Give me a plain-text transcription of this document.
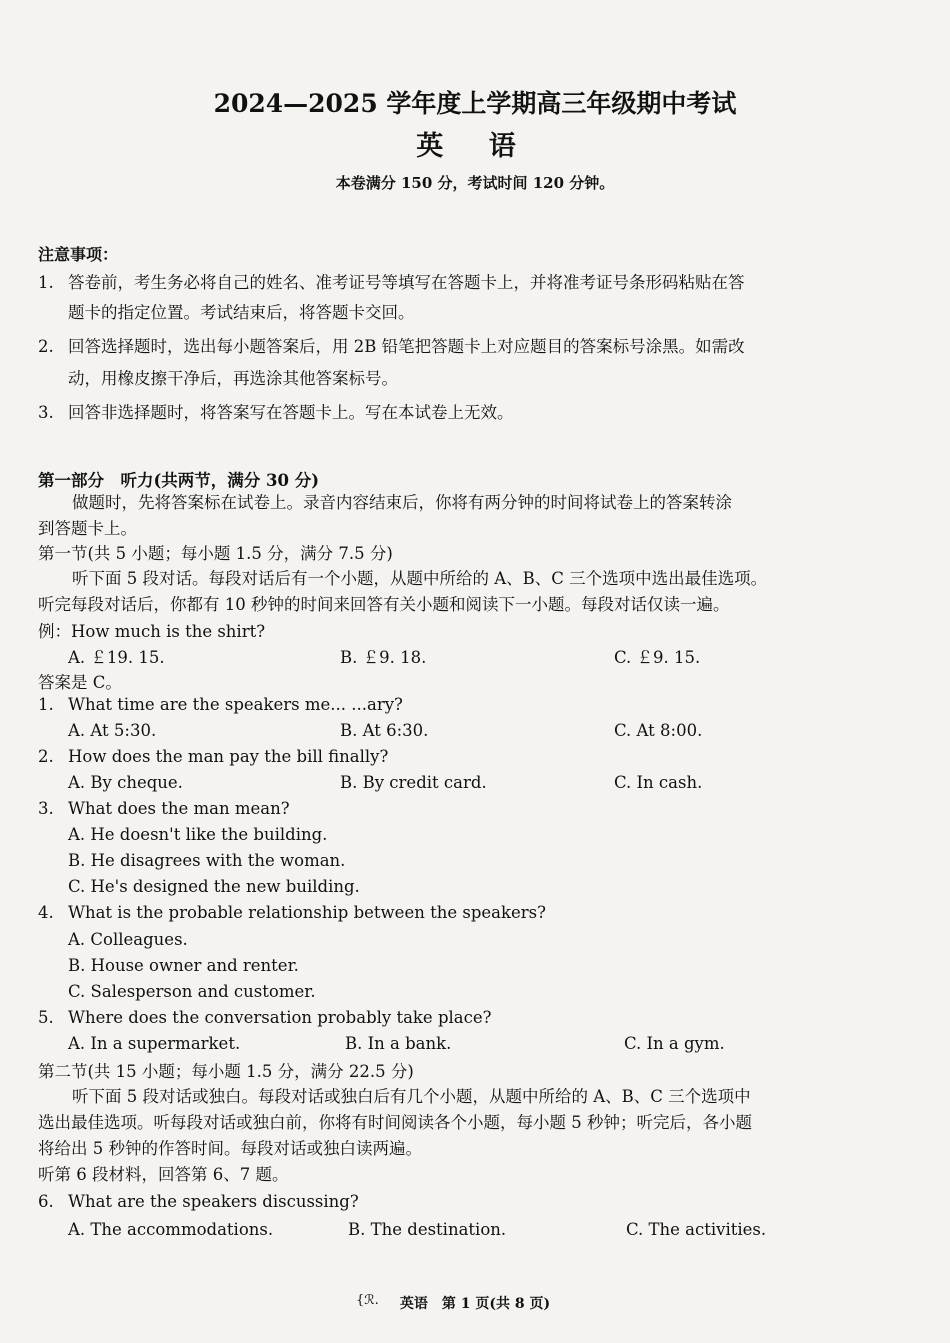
2024—2025 学年度上学期高三年级期中考试
英 语
本卷满分 150 分，考试时间 120 分钟。
注意事项：
1. 答卷前，考生务必将自己的姓名、准考证号等填写在答题卡上，并将准考证号条形码粘贴在答
题卡的指定位置。考试结束后，将答题卡交回。
2. 回答选择题时，选出每小题答案后，用 2B 铅笔把答题卡上对应题目的答案标号涂黑。如需改
动，用橡皮擦干净后，再选涂其他答案标号。
3. 回答非选择题时，将答案写在答题卡上。写在本试卷上无效。
第一部分　听力(共两节，满分 30 分)
做题时，先将答案标在试卷上。录音内容结束后，你将有两分钟的时间将试卷上的答案转涂
到答题卡上。
第一节(共 5 小题；每小题 1.5 分，满分 7.5 分)
听下面 5 段对话。每段对话后有一个小题，从题中所给的 A、B、C 三个选项中选出最佳选项。
听完每段对话后，你都有 10 秒钟的时间来回答有关小题和阅读下一小题。每段对话仅读一遍。
例：How much is the shirt?
A. ￡19. 15.	B. ￡9. 18.	C. ￡9. 15.
答案是 C。
1. What time are the speakers me... ...ary?
A. At 5:30.	B. At 6:30.	C. At 8:00.
2. How does the man pay the bill finally?
A. By cheque.	B. By credit card.	C. In cash.
3. What does the man mean?
A. He doesn't like the building.
B. He disagrees with the woman.
C. He's designed the new building.
4. What is the probable relationship between the speakers?
A. Colleagues.
B. House owner and renter.
C. Salesperson and customer.
5. Where does the conversation probably take place?
A. In a supermarket.	B. In a bank.	C. In a gym.
第二节(共 15 小题；每小题 1.5 分，满分 22.5 分)
听下面 5 段对话或独白。每段对话或独白后有几个小题，从题中所给的 A、B、C 三个选项中
选出最佳选项。听每段对话或独白前，你将有时间阅读各个小题，每小题 5 秒钟；听完后，各小题
将给出 5 秒钟的作答时间。每段对话或独白读两遍。
听第 6 段材料，回答第 6、7 题。
6. What are the speakers discussing?
A. The accommodations.	B. The destination.	C. The activities.
{ℛ.	英语　第 1 页(共 8 页)
